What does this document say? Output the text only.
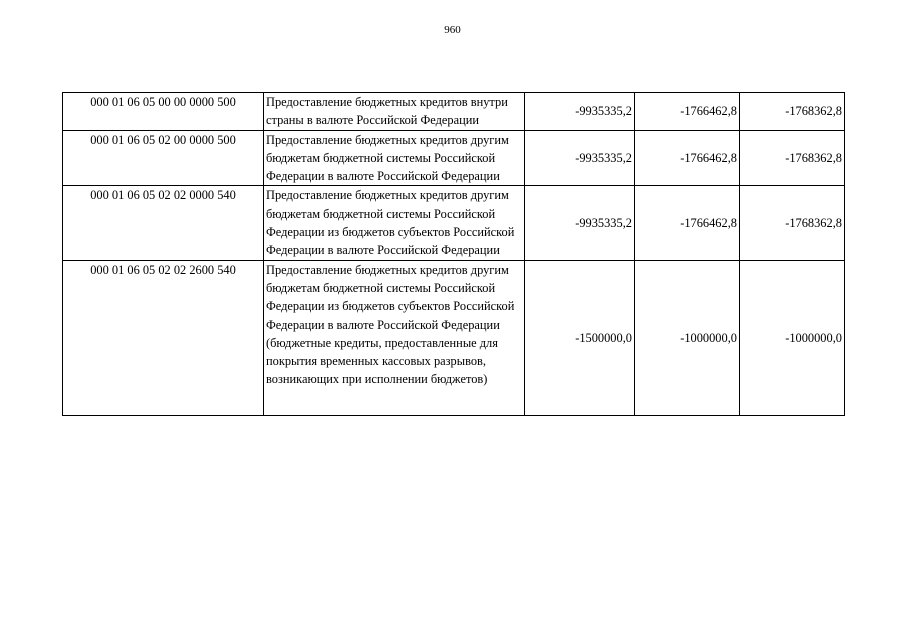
960
000 01 06 05 00 00 0000 500	Предоставление бюджетных кредитов внутри страны в валюте Российской Федерации	-9935335,2	-1766462,8	-1768362,8
000 01 06 05 02 00 0000 500	Предоставление бюджетных кредитов другим бюджетам бюджетной системы Российской Федерации в валюте Российской Федерации	-9935335,2	-1766462,8	-1768362,8
000 01 06 05 02 02 0000 540	Предоставление бюджетных кредитов другим бюджетам бюджетной системы Российской Федерации из бюджетов субъектов Российской Федерации в валюте Российской Федерации	-9935335,2	-1766462,8	-1768362,8
000 01 06 05 02 02 2600 540	Предоставление бюджетных кредитов другим бюджетам бюджетной системы Российской Федерации из бюджетов субъектов Российской Федерации в валюте Российской Федерации (бюджетные кредиты, предоставленные для покрытия временных кассовых разрывов, возникающих при исполнении бюджетов)	-1500000,0	-1000000,0	-1000000,0
